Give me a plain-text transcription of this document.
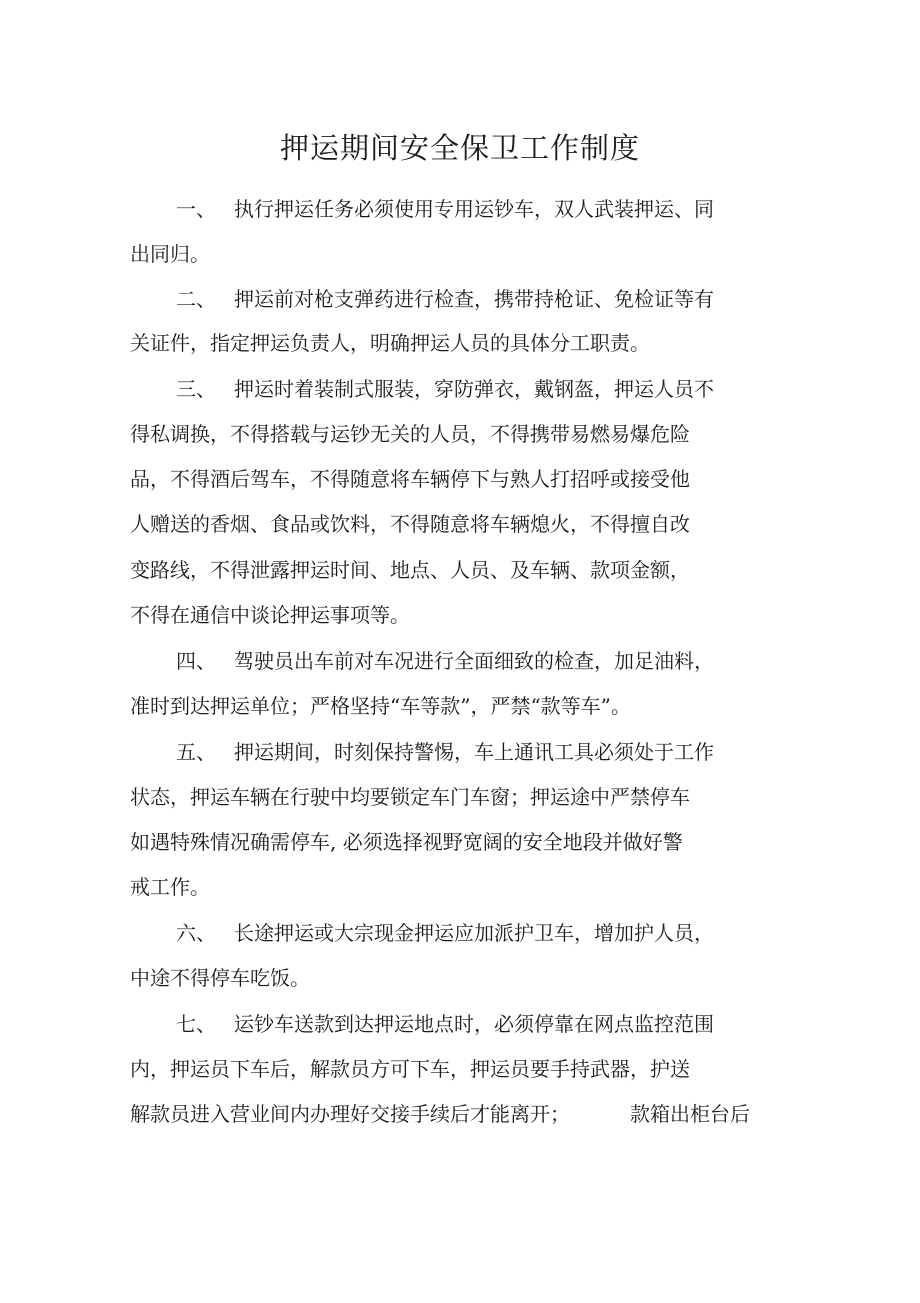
押运期间安全保卫工作制度

一、 执行押运任务必须使用专用运钞车，双人武装押运、同

出同归。

二、 押运前对枪支弹药进行检查，携带持枪证、免检证等有

关证件，指定押运负责人，明确押运人员的具体分工职责。

三、 押运时着装制式服装，穿防弹衣，戴钢盔，押运人员不

得私调换，不得搭载与运钞无关的人员，不得携带易燃易爆危险

品，不得酒后驾车，不得随意将车辆停下与熟人打招呼或接受他

人赠送的香烟、食品或饮料，不得随意将车辆熄火，不得擅自改

变路线，不得泄露押运时间、地点、人员、及车辆、款项金额，

不得在通信中谈论押运事项等。

四、 驾驶员出车前对车况进行全面细致的检查，加足油料，

准时到达押运单位；严格坚持“车等款”，严禁“款等车”。

五、 押运期间，时刻保持警惕，车上通讯工具必须处于工作

状态，押运车辆在行驶中均要锁定车门车窗；押运途中严禁停车

如遇特殊情况确需停车, 必须选择视野宽阔的安全地段并做好警

戒工作。

六、 长途押运或大宗现金押运应加派护卫车，增加护人员，

中途不得停车吃饭。

七、 运钞车送款到达押运地点时，必须停靠在网点监控范围

内，押运员下车后，解款员方可下车，押运员要手持武器，护送

解款员进入营业间内办理好交接手续后才能离开；	款箱出柜台后
